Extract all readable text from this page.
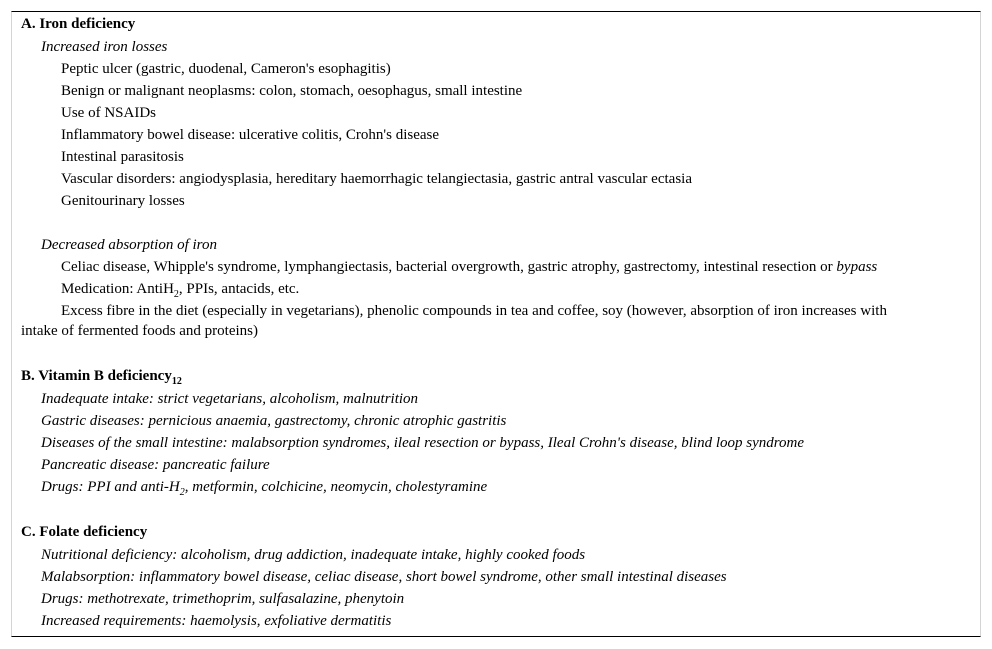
A. Iron deficiency
Increased iron losses
Peptic ulcer (gastric, duodenal, Cameron's esophagitis)
Benign or malignant neoplasms: colon, stomach, oesophagus, small intestine
Use of NSAIDs
Inflammatory bowel disease: ulcerative colitis, Crohn's disease
Intestinal parasitosis
Vascular disorders: angiodysplasia, hereditary haemorrhagic telangiectasia, gastric antral vascular ectasia
Genitourinary losses
Decreased absorption of iron
Celiac disease, Whipple's syndrome, lymphangiectasis, bacterial overgrowth, gastric atrophy, gastrectomy, intestinal resection or bypass
Medication: AntiH$_2$, PPIs, antacids, etc.
Excess fibre in the diet (especially in vegetarians), phenolic compounds in tea and coffee, soy (however, absorption of iron increases with
intake of fermented foods and proteins)
B. Vitamin B deficiency$_{12}$
Inadequate intake: strict vegetarians, alcoholism, malnutrition
Gastric diseases: pernicious anaemia, gastrectomy, chronic atrophic gastritis
Diseases of the small intestine: malabsorption syndromes, ileal resection or bypass, Ileal Crohn's disease, blind loop syndrome
Pancreatic disease: pancreatic failure
Drugs: PPI and anti-$H_2$, metformin, colchicine, neomycin, cholestyramine
C. Folate deficiency
Nutritional deficiency: alcoholism, drug addiction, inadequate intake, highly cooked foods
Malabsorption: inflammatory bowel disease, celiac disease, short bowel syndrome, other small intestinal diseases
Drugs: methotrexate, trimethoprim, sulfasalazine, phenytoin
Increased requirements: haemolysis, exfoliative dermatitis
